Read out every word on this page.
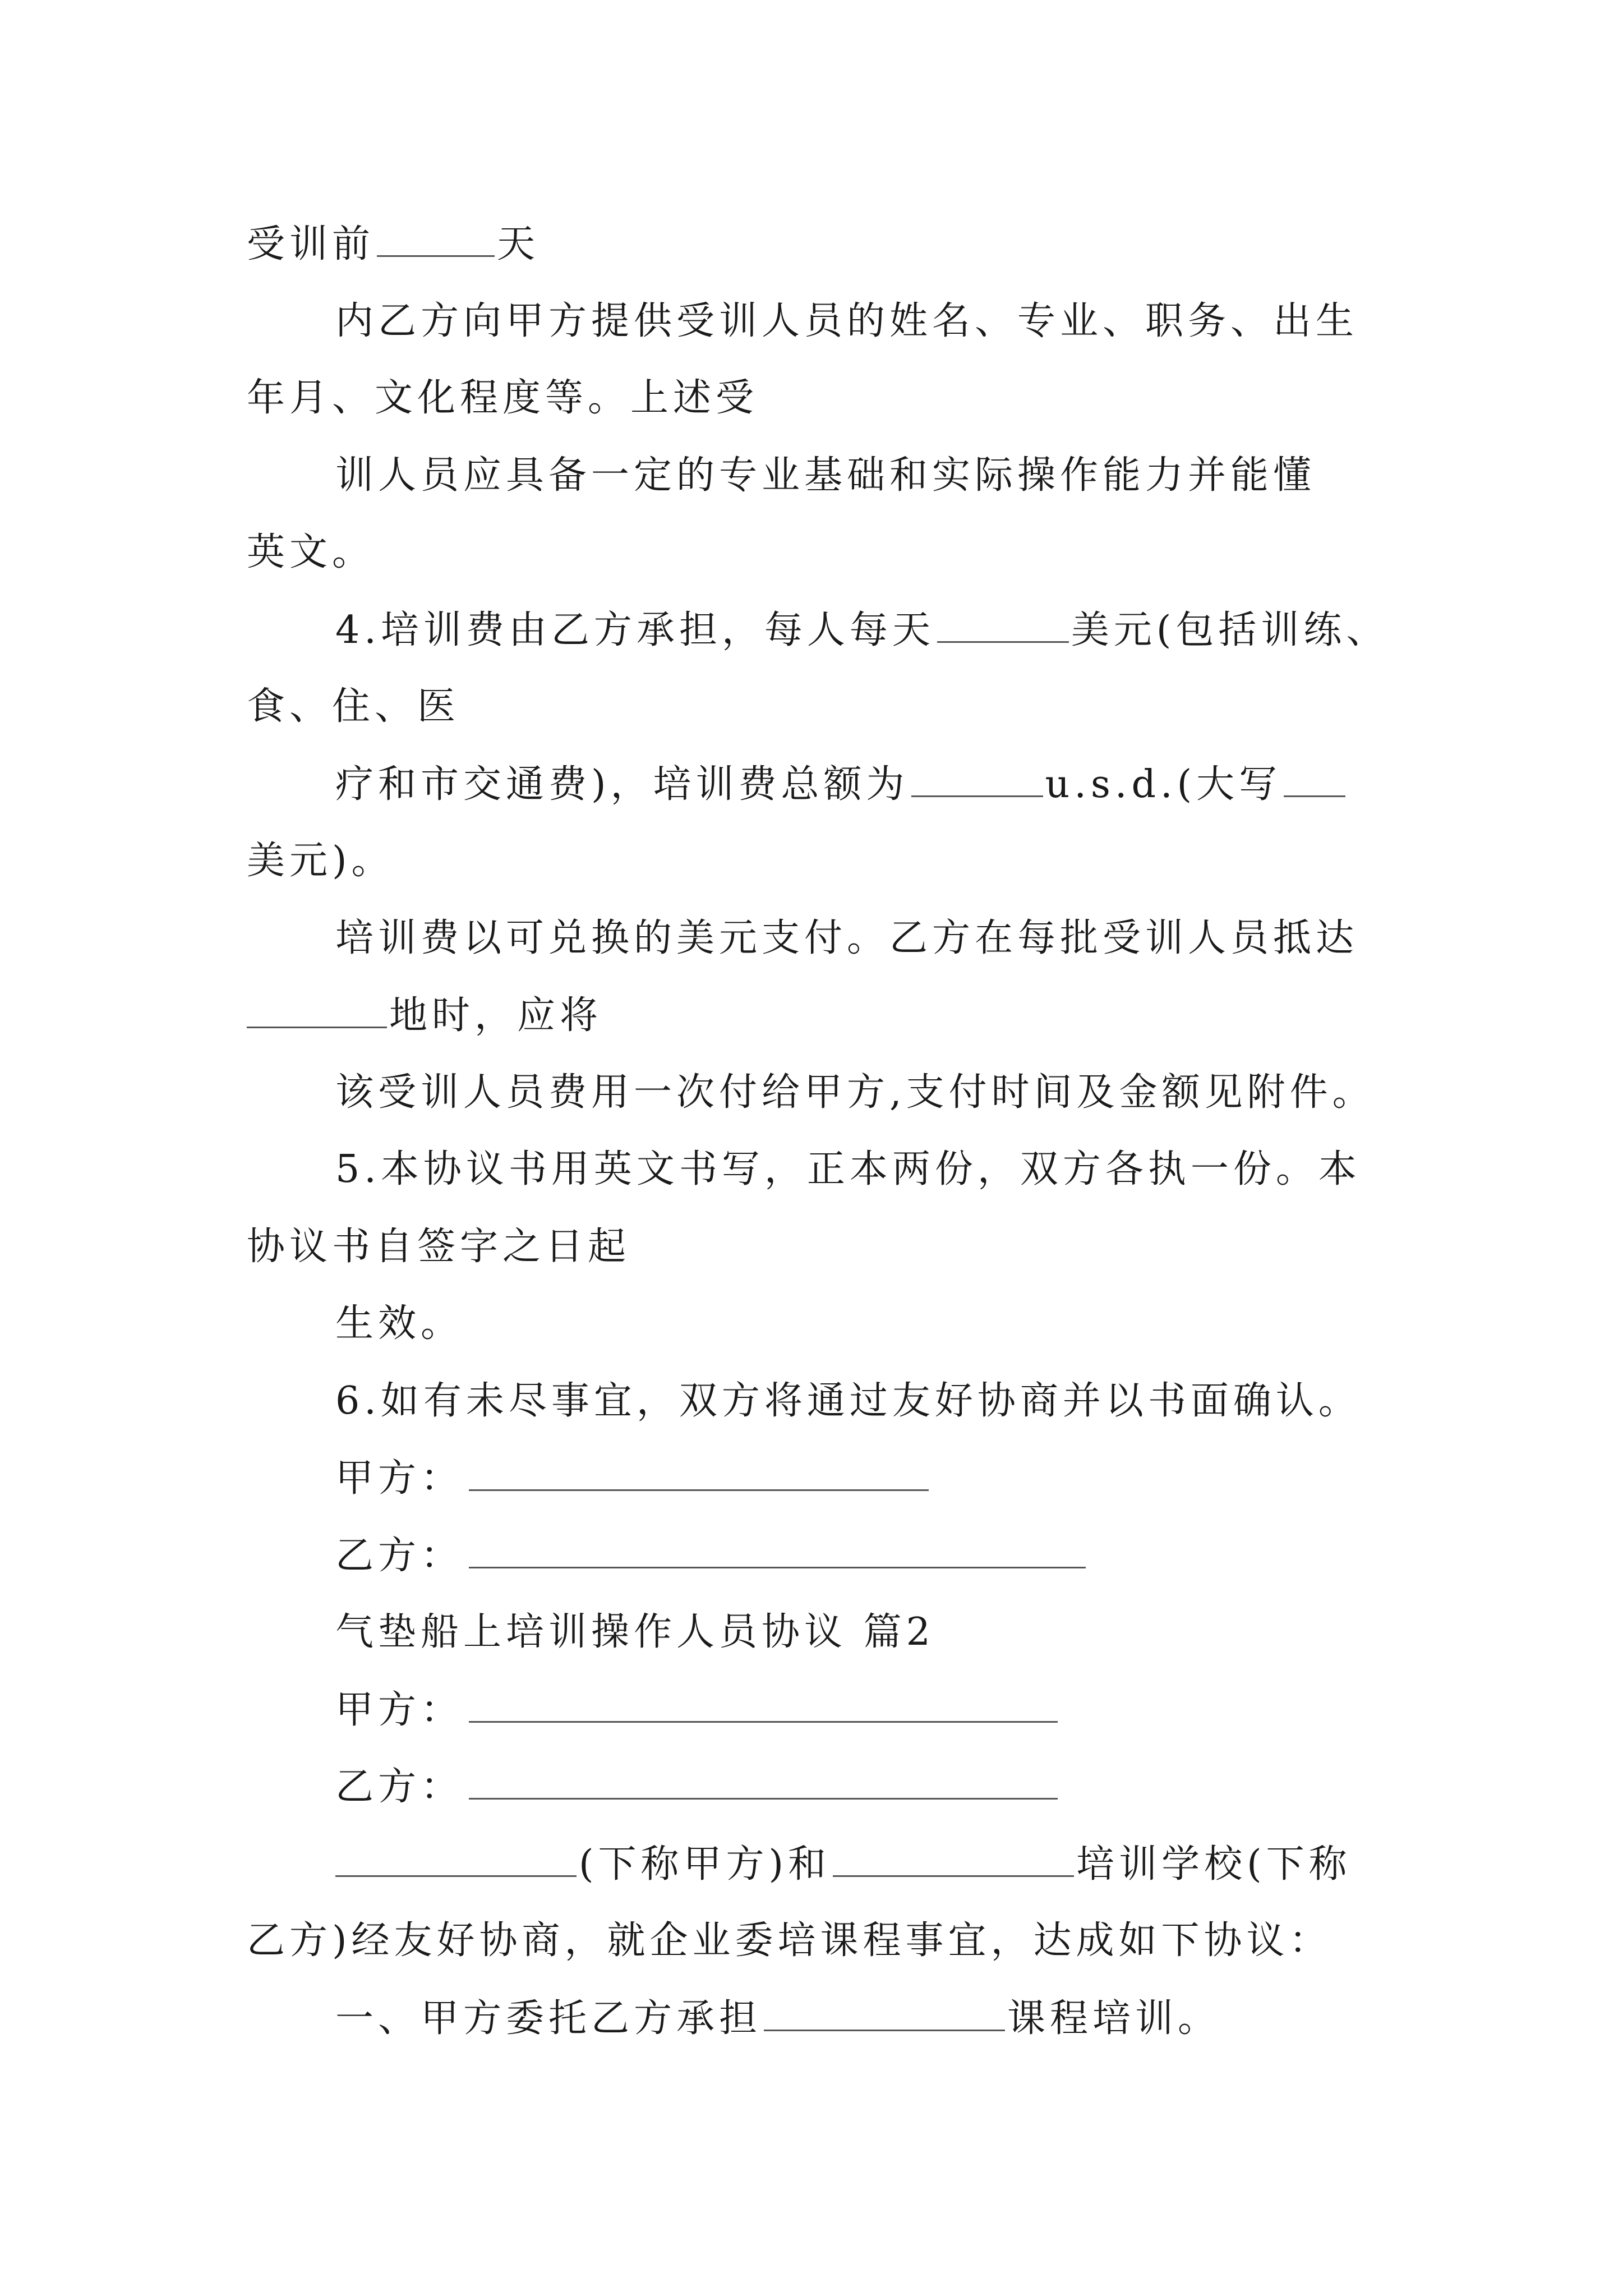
受训前	天
内乙方向甲方提供受训人员的姓名、专业、职务、出生
年月、文化程度等。上述受
训人员应具备一定的专业基础和实际操作能力并能懂
英文。
4.培训费由乙方承担，每人每天	美元(包括训练、
食、住、医
疗和市交通费)，培训费总额为	u.s.d.(大写
美元)。
培训费以可兑换的美元支付。乙方在每批受训人员抵达
地时，应将
该受训人员费用一次付给甲方,支付时间及金额见附件。
5.本协议书用英文书写，正本两份，双方各执一份。本
协议书自签字之日起
生效。
6.如有未尽事宜，双方将通过友好协商并以书面确认。
甲方：
乙方：
气垫船上培训操作人员协议 篇2
甲方：
乙方：
(下称甲方)和	培训学校(下称
乙方)经友好协商，就企业委培课程事宜，达成如下协议：
一、甲方委托乙方承担	课程培训。
